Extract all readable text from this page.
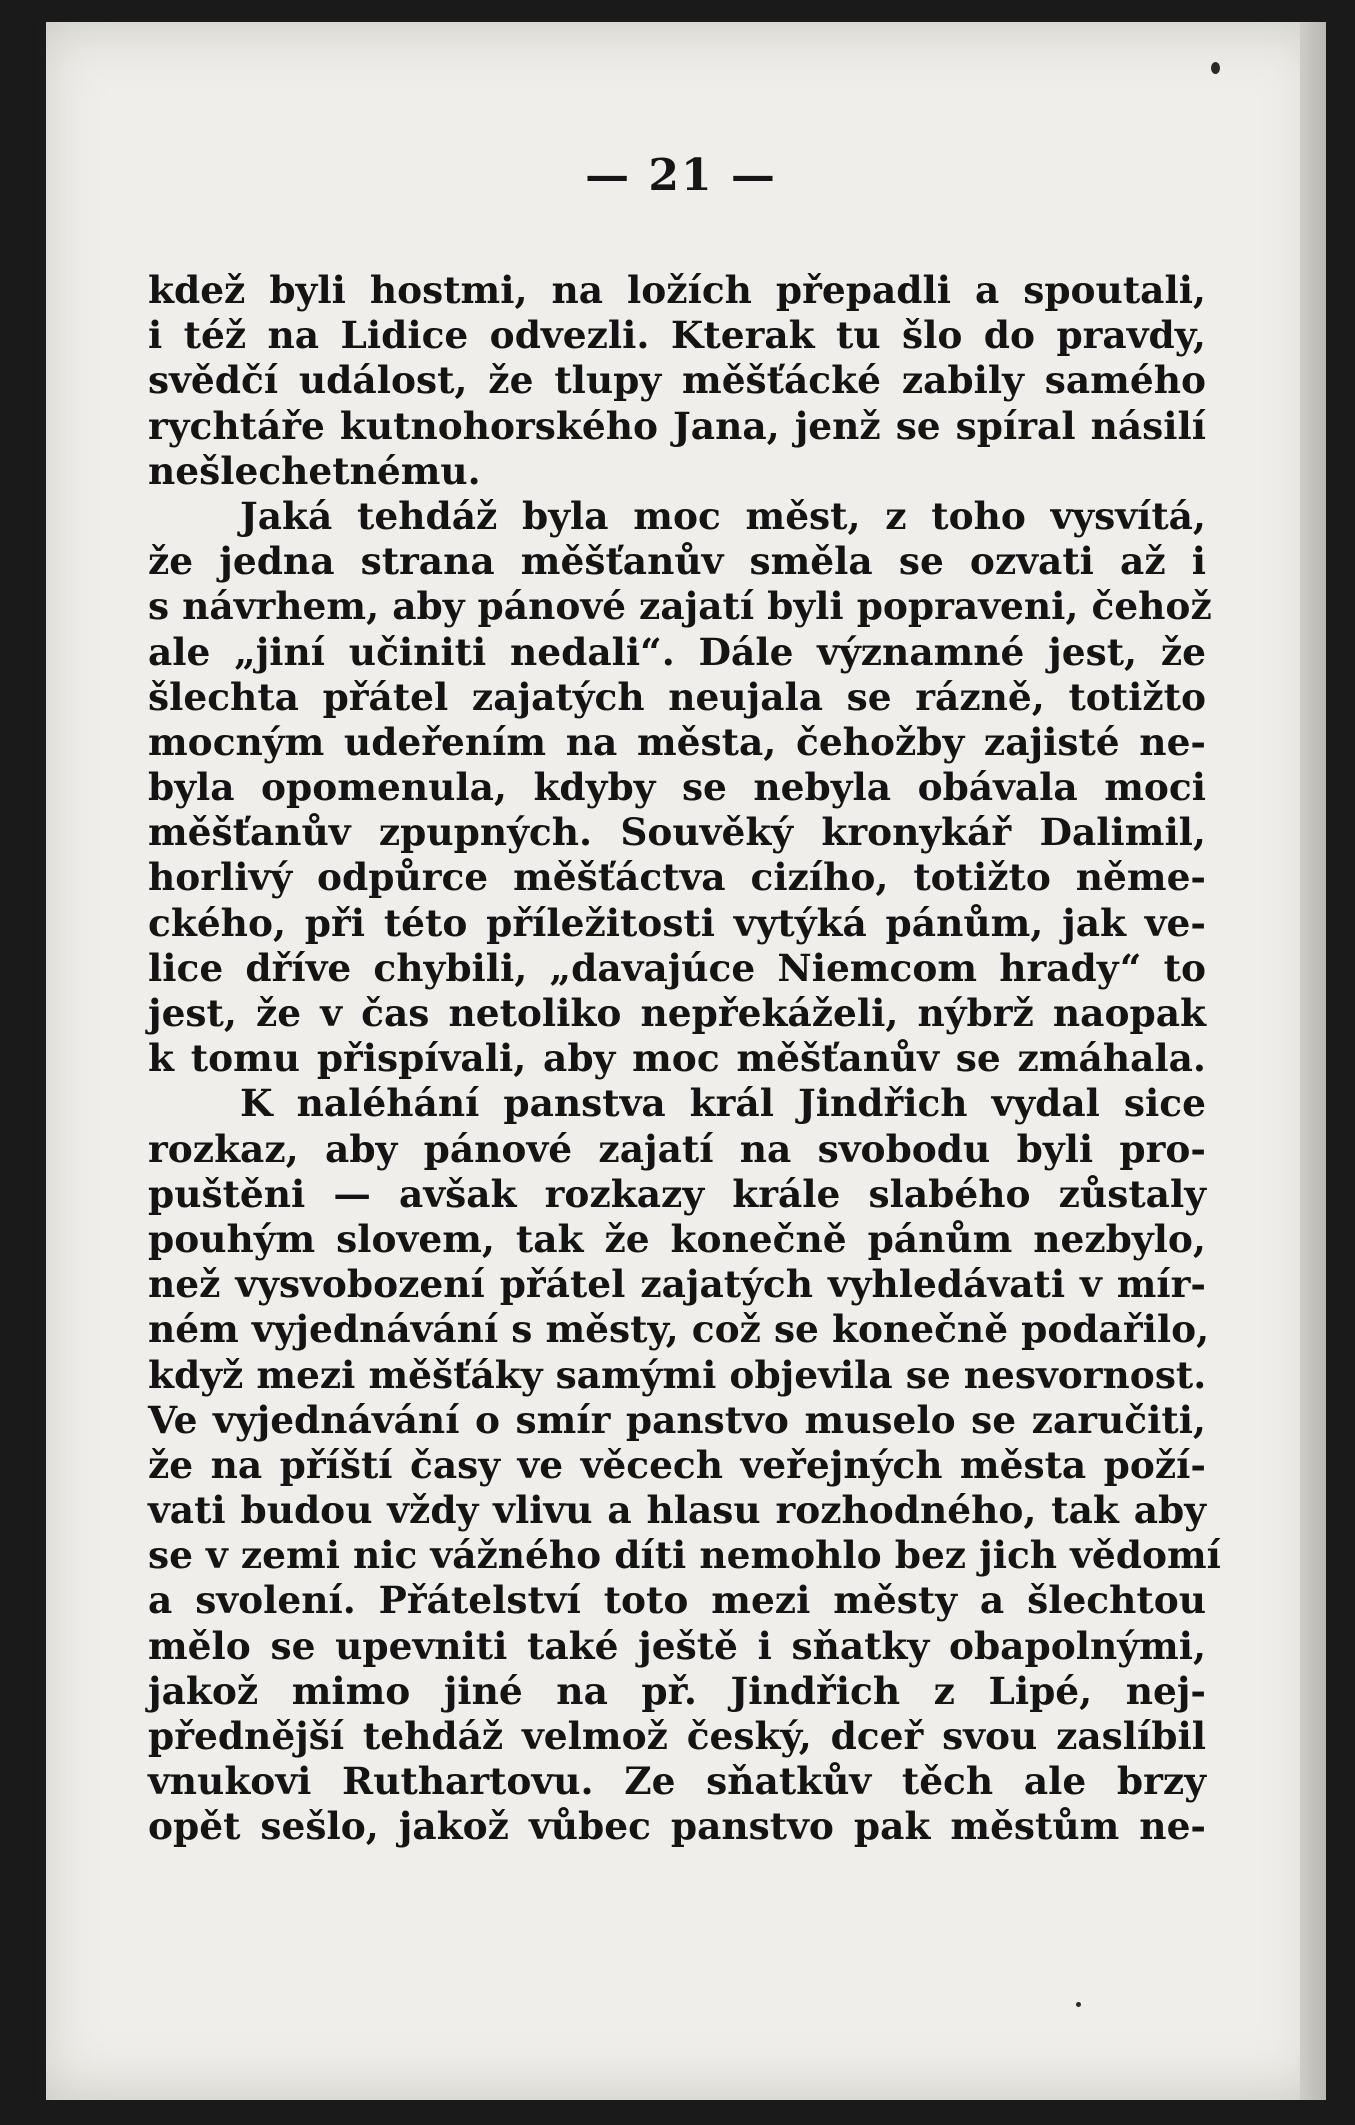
— 21 —
kdež byli hostmi, na ložích přepadli a spoutali,
i též na Lidice odvezli. Kterak tu šlo do pravdy,
svědčí událost, že tlupy měšťácké zabily samého
rychtáře kutnohorského Jana, jenž se spíral násilí
nešlechetnému.
Jaká tehdáž byla moc měst, z toho vysvítá,
že jedna strana měšťanův směla se ozvati až i
s návrhem, aby pánové zajatí byli popraveni, čehož
ale „jiní učiniti nedali“. Dále významné jest, že
šlechta přátel zajatých neujala se rázně, totižto
mocným udeřením na města, čehožby zajisté ne-
byla opomenula, kdyby se nebyla obávala moci
měšťanův zpupných. Souvěký kronykář Dalimil,
horlivý odpůrce měšťáctva cizího, totižto něme-
ckého, při této příležitosti vytýká pánům, jak ve-
lice dříve chybili, „davajúce Niemcom hrady“ to
jest, že v čas netoliko nepřekáželi, nýbrž naopak
k tomu přispívali, aby moc měšťanův se zmáhala.
K naléhání panstva král Jindřich vydal sice
rozkaz, aby pánové zajatí na svobodu byli pro-
puštěni — avšak rozkazy krále slabého zůstaly
pouhým slovem, tak že konečně pánům nezbylo,
než vysvobození přátel zajatých vyhledávati v mír-
ném vyjednávání s městy, což se konečně podařilo,
když mezi měšťáky samými objevila se nesvornost.
Ve vyjednávání o smír panstvo muselo se zaručiti,
že na příští časy ve věcech veřejných města poží-
vati budou vždy vlivu a hlasu rozhodného, tak aby
se v zemi nic vážného díti nemohlo bez jich vědomí
a svolení. Přátelství toto mezi městy a šlechtou
mělo se upevniti také ještě i sňatky obapolnými,
jakož mimo jiné na př. Jindřich z Lipé, nej-
přednější tehdáž velmož český, dceř svou zaslíbil
vnukovi Ruthartovu. Ze sňatkův těch ale brzy
opět sešlo, jakož vůbec panstvo pak městům ne-
